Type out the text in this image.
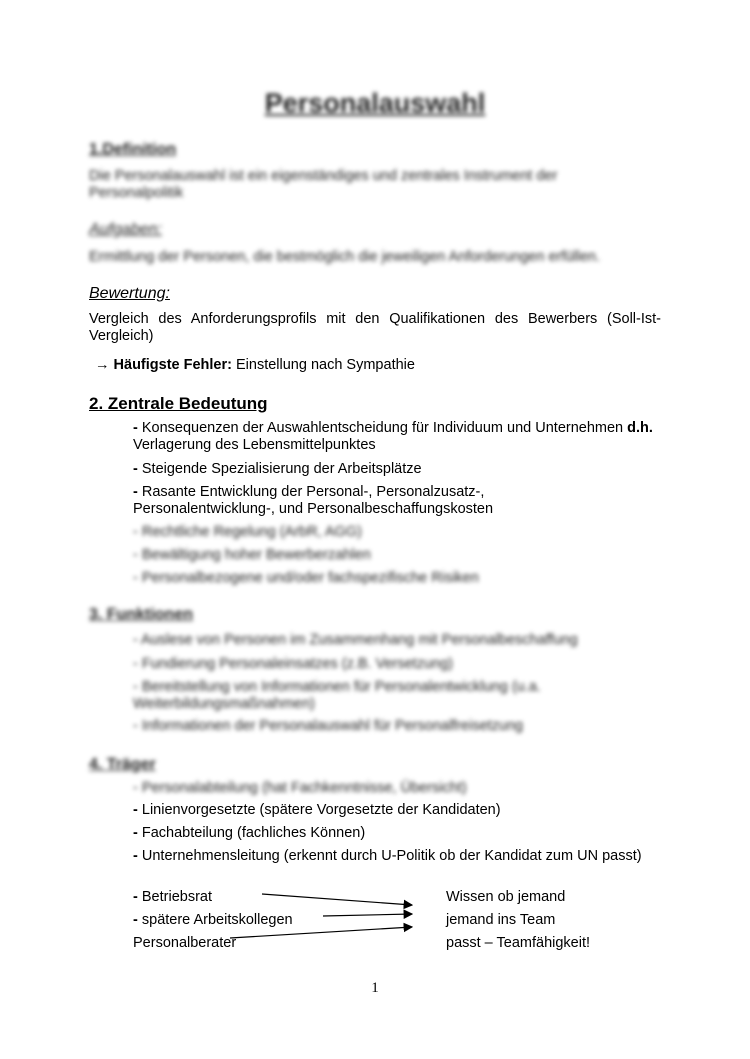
Personalauswahl
1.Definition
Die Personalauswahl ist ein eigenständiges und zentrales Instrument der Personalpolitik
Aufgaben:
Ermittlung der Personen, die bestmöglich die jeweiligen Anforderungen erfüllen.
Bewertung:
Vergleich des Anforderungsprofils mit den Qualifikationen des Bewerbers (Soll-Ist-Vergleich)
→ Häufigste Fehler: Einstellung nach Sympathie
2. Zentrale Bedeutung
- Konsequenzen der Auswahlentscheidung für Individuum und Unternehmen d.h. Verlagerung des Lebensmittelpunktes
- Steigende Spezialisierung der Arbeitsplätze
- Rasante Entwicklung der Personal-, Personalzusatz-, Personalentwicklung-, und Personalbeschaffungskosten
- Rechtliche Regelung (ArbR, AGG)
- Bewältigung hoher Bewerberzahlen
- Personalbezogene und/oder fachspezifische Risiken
3. Funktionen
- Auslese von Personen im Zusammenhang mit Personalbeschaffung
- Fundierung Personaleinsatzes (z.B. Versetzung)
- Bereitstellung von Informationen für Personalentwicklung (u.a. Weiterbildungsmaßnahmen)
- Informationen der Personalauswahl für Personalfreisetzung
4. Träger
- Personalabteilung (hat Fachkenntnisse, Übersicht)
- Linienvorgesetzte (spätere Vorgesetzte der Kandidaten)
- Fachabteilung (fachliches Können)
- Unternehmensleitung (erkennt durch U-Politik ob der Kandidat zum UN passt)
- Betriebsrat
- spätere Arbeitskollegen
Personalberater
Wissen ob jemand
jemand ins Team
passt – Teamfähigkeit!
1
